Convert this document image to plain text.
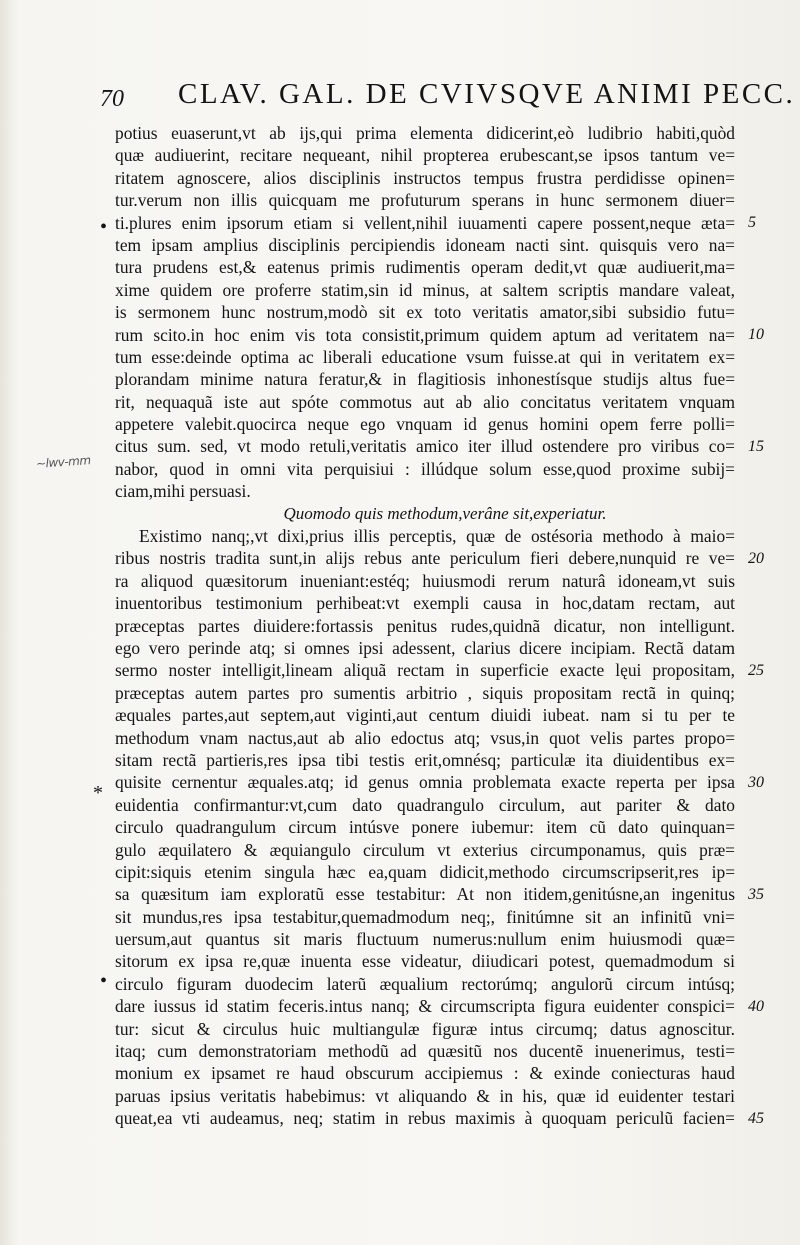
70 CLAV. GAL. DE CVIVSQVE ANIMI PECC.
~lwv-mm
•
*
•
potius euaserunt,vt ab ijs,qui prima elementa didicerint,eò ludibrio habiti,quòd
quæ audiuerint, recitare nequeant, nihil propterea erubescant,se ipsos tantum ve=
ritatem agnoscere, alios disciplinis instructos tempus frustra perdidisse opinen=
tur.verum non illis quicquam me profuturum sperans in hunc sermonem diuer=
ti.plures enim ipsorum etiam si vellent,nihil iuuamenti capere possent,neque æta=
tem ipsam amplius disciplinis percipiendis idoneam nacti sint. quisquis vero na=
tura prudens est,& eatenus primis rudimentis operam dedit,vt quæ audiuerit,ma=
xime quidem ore proferre statim,sin id minus, at saltem scriptis mandare valeat,
is sermonem hunc nostrum,modò sit ex toto veritatis amator,sibi subsidio futu=
rum scito.in hoc enim vis tota consistit,primum quidem aptum ad veritatem na=
tum esse:deinde optima ac liberali educatione vsum fuisse.at qui in veritatem ex=
plorandam minime natura feratur,& in flagitiosis inhonestísque studijs altus fue=
rit, nequaquã iste aut spóte commotus aut ab alio concitatus veritatem vnquam
appetere valebit.quocirca neque ego vnquam id genus homini opem ferre polli=
citus sum. sed, vt modo retuli,veritatis amico iter illud ostendere pro viribus co=
nabor, quod in omni vita perquisiui : illúdque solum esse,quod proxime subij=
ciam,mihi persuasi.
Quomodo quis methodum,verâne sit,experiatur.
Existimo nanq;,vt dixi,prius illis perceptis, quæ de ostésoria methodo à maio=
ribus nostris tradita sunt,in alijs rebus ante periculum fieri debere,nunquid re ve=
ra aliquod quæsitorum inueniant:estéq; huiusmodi rerum naturâ idoneam,vt suis
inuentoribus testimonium perhibeat:vt exempli causa in hoc,datam rectam, aut
præceptas partes diuidere:fortassis penitus rudes,quidnã dicatur, non intelligunt.
ego vero perinde atq; si omnes ipsi adessent, clarius dicere incipiam. Rectã datam
sermo noster intelligit,lineam aliquã rectam in superficie exacte lęui propositam,
præceptas autem partes pro sumentis arbitrio , siquis propositam rectã in quinq;
æquales partes,aut septem,aut viginti,aut centum diuidi iubeat. nam si tu per te
methodum vnam nactus,aut ab alio edoctus atq; vsus,in quot velis partes propo=
sitam rectã partieris,res ipsa tibi testis erit,omnésq; particulæ ita diuidentibus ex=
quisite cernentur æquales.atq; id genus omnia problemata exacte reperta per ipsa
euidentia confirmantur:vt,cum dato quadrangulo circulum, aut pariter & dato
circulo quadrangulum circum intúsve ponere iubemur: item cũ dato quinquan=
gulo æquilatero & æquiangulo circulum vt exterius circumponamus, quis præ=
cipit:siquis etenim singula hæc ea,quam didicit,methodo circumscripserit,res ip=
sa quæsitum iam exploratũ esse testabitur: At non itidem,genitúsne,an ingenitus
sit mundus,res ipsa testabitur,quemadmodum neq;, finitúmne sit an infinitũ vni=
uersum,aut quantus sit maris fluctuum numerus:nullum enim huiusmodi quæ=
sitorum ex ipsa re,quæ inuenta esse videatur, diiudicari potest, quemadmodum si
circulo figuram duodecim laterũ æqualium rectorúmq; angulorũ circum intúsq;
dare iussus id statim feceris.intus nanq; & circumscripta figura euidenter conspici=
tur: sicut & circulus huic multiangulæ figuræ intus circumq; datus agnoscitur.
itaq; cum demonstratoriam methodũ ad quæsitũ nos ducentẽ inuenerimus, testi=
monium ex ipsamet re haud obscurum accipiemus : & exinde coniecturas haud
paruas ipsius veritatis habebimus: vt aliquando & in his, quæ id euidenter testari
queat,ea vti audeamus, neq; statim in rebus maximis à quoquam periculũ facien=
5
10
15
20
25
30
35
40
45
